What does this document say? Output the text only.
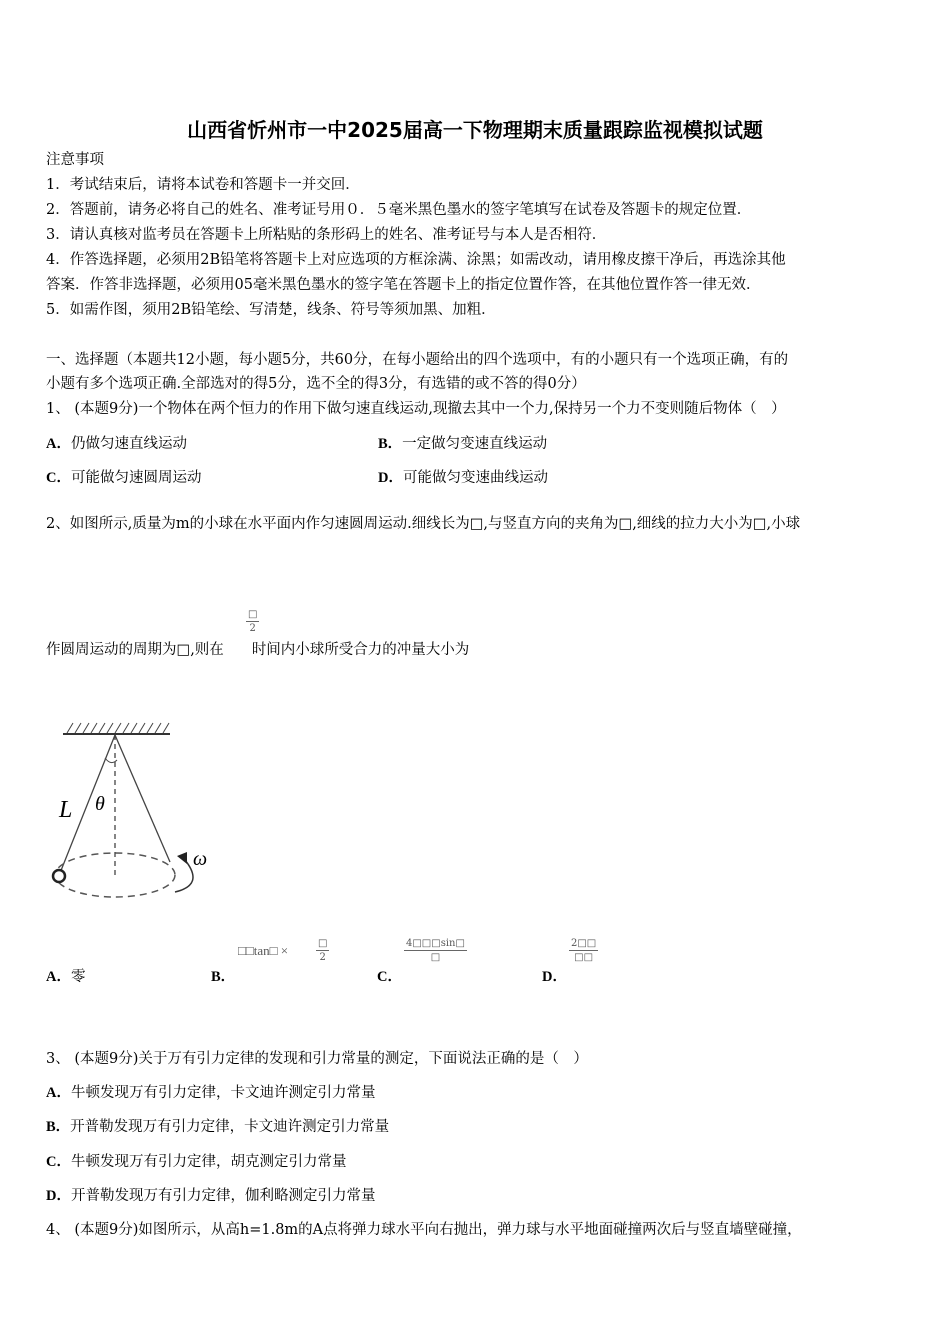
山西省忻州市一中2025届高一下物理期末质量跟踪监视模拟试题
注意事项
1．考试结束后，请将本试卷和答题卡一并交回．
2．答题前，请务必将自己的姓名、准考证号用０．５毫米黑色墨水的签字笔填写在试卷及答题卡的规定位置．
3．请认真核对监考员在答题卡上所粘贴的条形码上的姓名、准考证号与本人是否相符．
4．作答选择题，必须用2B铅笔将答题卡上对应选项的方框涂满、涂黑；如需改动，请用橡皮擦干净后，再选涂其他
答案．作答非选择题，必须用05毫米黑色墨水的签字笔在答题卡上的指定位置作答，在其他位置作答一律无效．
5．如需作图，须用2B铅笔绘、写清楚，线条、符号等须加黑、加粗．
一、选择题（本题共12小题，每小题5分，共60分，在每小题给出的四个选项中，有的小题只有一个选项正确，有的
小题有多个选项正确.全部选对的得5分，选不全的得3分，有选错的或不答的得0分）
1、 (本题9分)一个物体在两个恒力的作用下做匀速直线运动,现撤去其中一个力,保持另一个力不变则随后物体（　）
A．仍做匀速直线运动	B．一定做匀变速直线运动
C．可能做匀速圆周运动	D．可能做匀变速曲线运动
2、如图所示,质量为m的小球在水平面内作匀速圆周运动.细线长为□,与竖直方向的夹角为□,细线的拉力大小为□,小球
作圆周运动的周期为□,则在 时间内小球所受合力的冲量大小为
□
2
L θ
ω
A．零	B．
□□tan□ ×	□
2
C．
4□□□sin□
□
D．
2□□
□□
3、 (本题9分)关于万有引力定律的发现和引力常量的测定，下面说法正确的是（　）
A．牛顿发现万有引力定律，卡文迪许测定引力常量
B．开普勒发现万有引力定律，卡文迪许测定引力常量
C．牛顿发现万有引力定律，胡克测定引力常量
D．开普勒发现万有引力定律，伽利略测定引力常量
4、 (本题9分)如图所示，从高h=1.8m的A点将弹力球水平向右抛出，弹力球与水平地面碰撞两次后与竖直墙壁碰撞，
